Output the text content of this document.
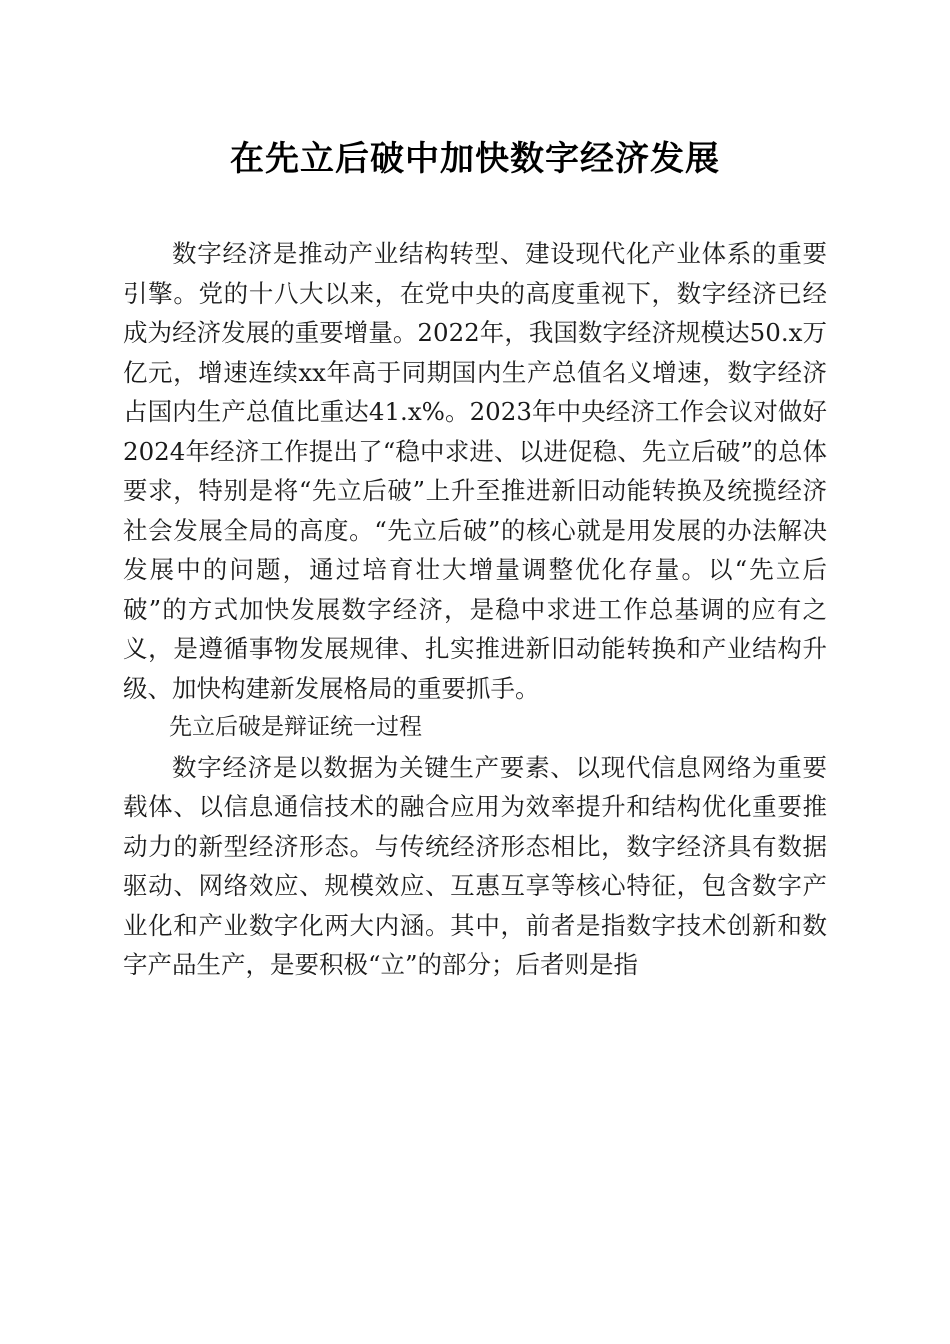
在先立后破中加快数字经济发展

数字经济是推动产业结构转型、建设现代化产业体系的重要引擎。党的十八大以来，在党中央的高度重视下，数字经济已经成为经济发展的重要增量。2022年，我国数字经济规模达50.x万亿元，增速连续xx年高于同期国内生产总值名义增速，数字经济占国内生产总值比重达41.x%。2023年中央经济工作会议对做好2024年经济工作提出了“稳中求进、以进促稳、先立后破”的总体要求，特别是将“先立后破”上升至推进新旧动能转换及统揽经济社会发展全局的高度。“先立后破”的核心就是用发展的办法解决发展中的问题，通过培育壮大增量调整优化存量。以“先立后破”的方式加快发展数字经济，是稳中求进工作总基调的应有之义，是遵循事物发展规律、扎实推进新旧动能转换和产业结构升级、加快构建新发展格局的重要抓手。

先立后破是辩证统一过程

数字经济是以数据为关键生产要素、以现代信息网络为重要载体、以信息通信技术的融合应用为效率提升和结构优化重要推动力的新型经济形态。与传统经济形态相比，数字经济具有数据驱动、网络效应、规模效应、互惠互享等核心特征，包含数字产业化和产业数字化两大内涵。其中，前者是指数字技术创新和数字产品生产，是要积极“立”的部分；后者则是指
